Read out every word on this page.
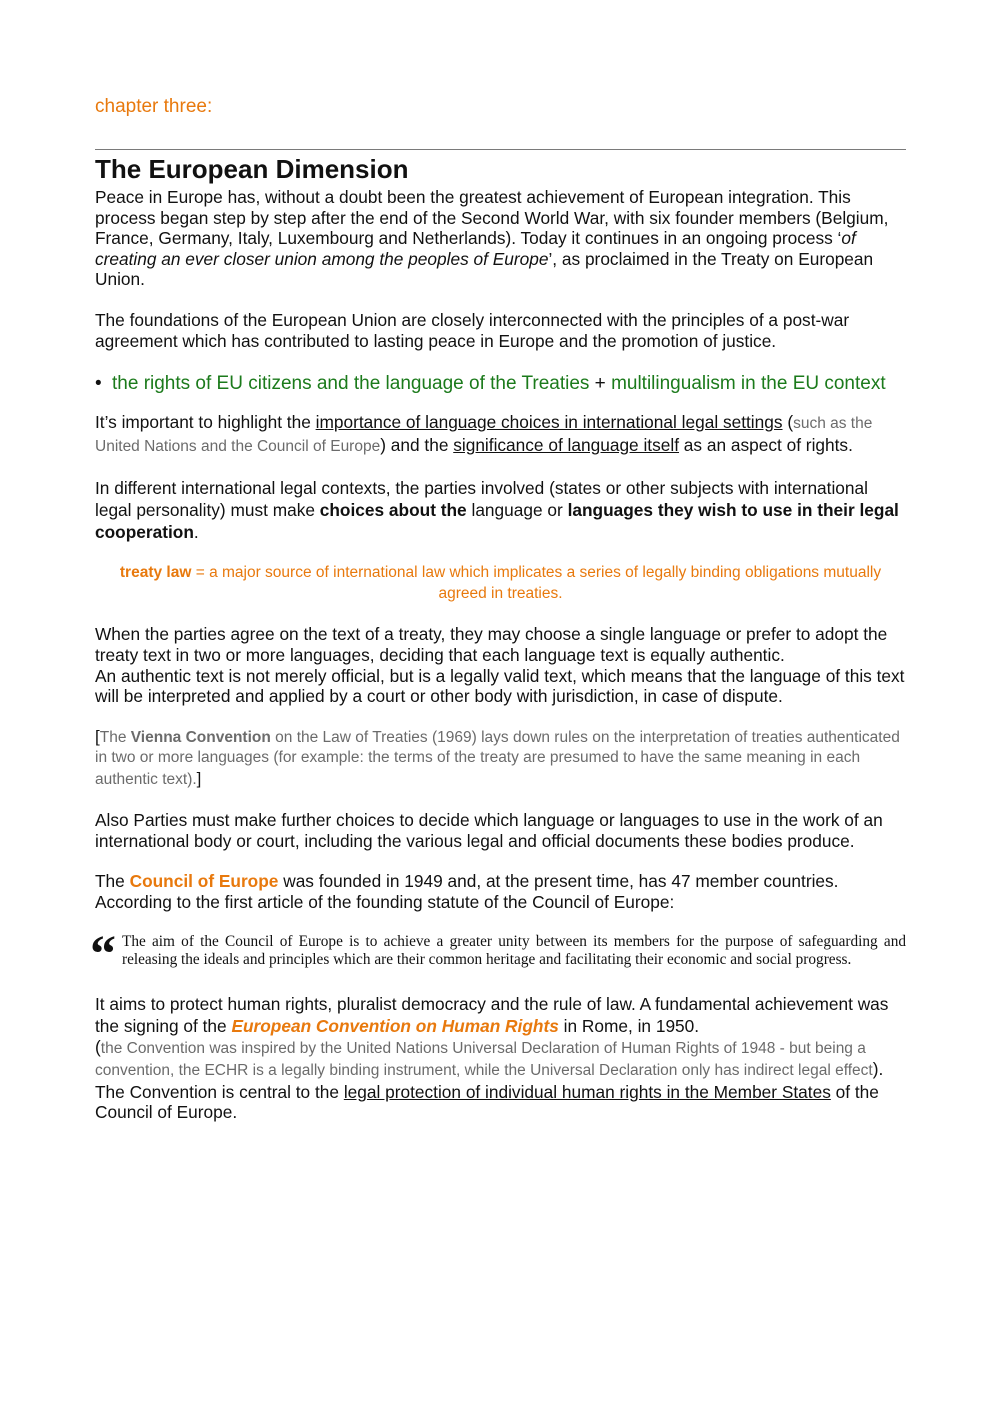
chapter three:

The European Dimension

Peace in Europe has, without a doubt been the greatest achievement of European integration. This process began step by step after the end of the Second World War, with six founder members (Belgium, France, Germany, Italy, Luxembourg and Netherlands). Today it continues in an ongoing process ‘of creating an ever closer union among the peoples of Europe’, as proclaimed in the Treaty on European Union.

The foundations of the European Union are closely interconnected with the principles of a post-war agreement which has contributed to lasting peace in Europe and the promotion of justice.

• the rights of EU citizens and the language of the Treaties + multilingualism in the EU context

It’s important to highlight the importance of language choices in international legal settings (such as the United Nations and the Council of Europe) and the significance of language itself as an aspect of rights.

In different international legal contexts, the parties involved (states or other subjects with international legal personality) must make choices about the language or languages they wish to use in their legal cooperation.

treaty law = a major source of international law which implicates a series of legally binding obligations mutually agreed in treaties.

When the parties agree on the text of a treaty, they may choose a single language or prefer to adopt the treaty text in two or more languages, deciding that each language text is equally authentic.

An authentic text is not merely official, but is a legally valid text, which means that the language of this text will be interpreted and applied by a court or other body with jurisdiction, in case of dispute.

[The Vienna Convention on the Law of Treaties (1969) lays down rules on the interpretation of treaties authenticated in two or more languages (for example: the terms of the treaty are presumed to have the same meaning in each authentic text).]

Also Parties must make further choices to decide which language or languages to use in the work of an international body or court, including the various legal and official documents these bodies produce.

The Council of Europe was founded in 1949 and, at the present time, has 47 member countries. According to the first article of the founding statute of the Council of Europe:

“ The aim of the Council of Europe is to achieve a greater unity between its members for the purpose of safeguarding and releasing the ideals and principles which are their common heritage and facilitating their economic and social progress.

It aims to protect human rights, pluralist democracy and the rule of law. A fundamental achievement was the signing of the European Convention on Human Rights in Rome, in 1950.

(the Convention was inspired by the United Nations Universal Declaration of Human Rights of 1948 - but being a convention, the ECHR is a legally binding instrument, while the Universal Declaration only has indirect legal effect).

The Convention is central to the legal protection of individual human rights in the Member States of the Council of Europe.
